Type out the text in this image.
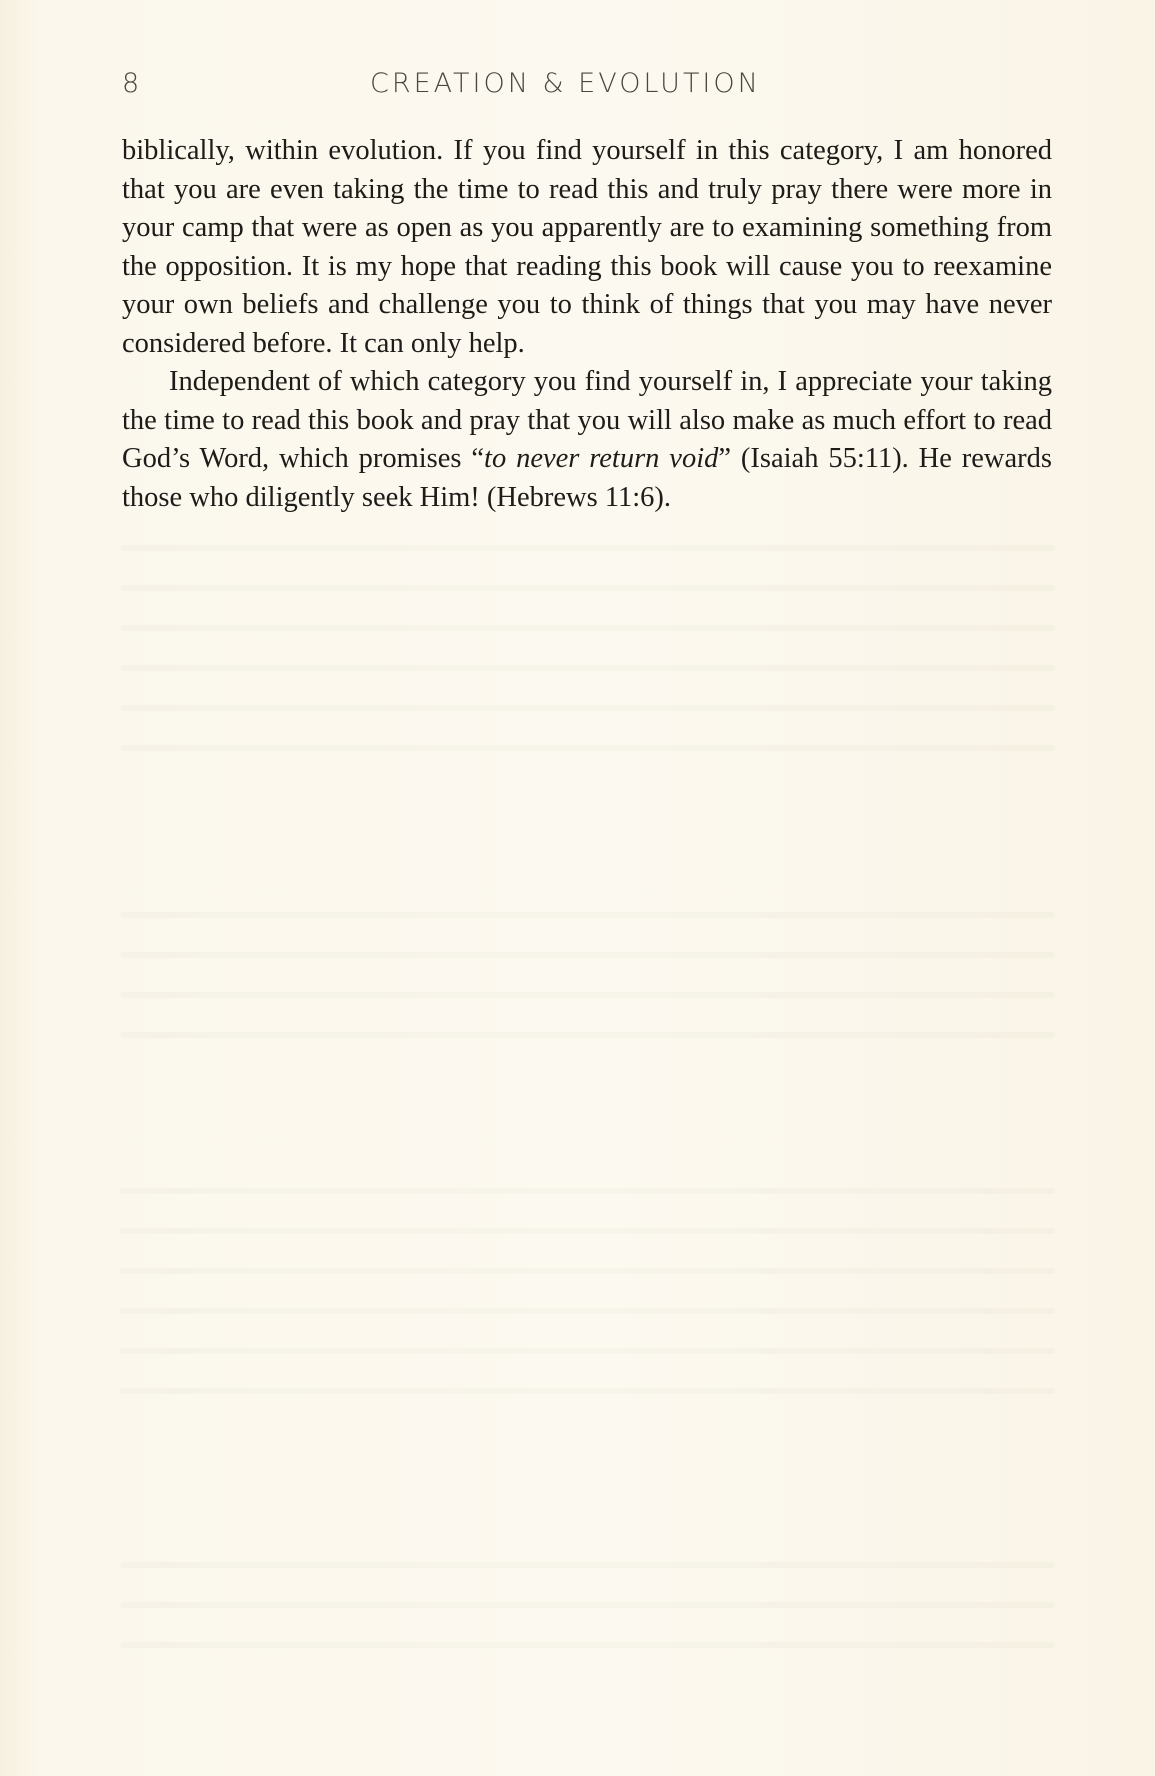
8	CREATION & EVOLUTION

biblically, within evolution. If you find yourself in this category, I am honored that you are even taking the time to read this and truly pray there were more in your camp that were as open as you apparently are to examining something from the opposition. It is my hope that reading this book will cause you to reexamine your own beliefs and challenge you to think of things that you may have never considered before. It can only help.

Independent of which category you find yourself in, I appreciate your taking the time to read this book and pray that you will also make as much effort to read God’s Word, which promises “to never return void” (Isaiah 55:11). He rewards those who diligently seek Him! (Hebrews 11:6).
